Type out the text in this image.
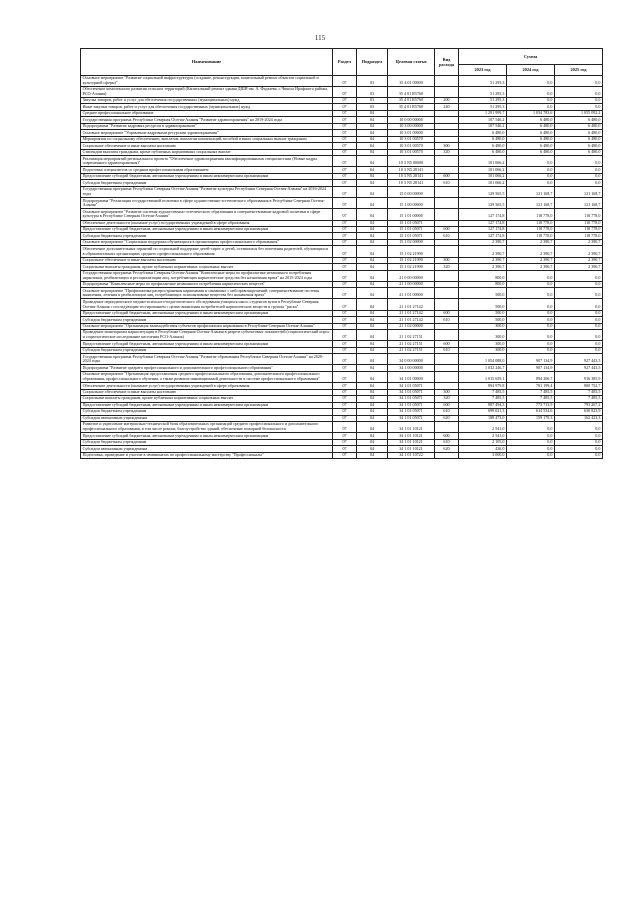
115
Наименование	Раздел	Подраздел	Целевая статья	Вид расхода	Сумма		
					2023 год	2024 год	2025 год
Основное мероприятие "Развитие социальной инфраструктуры (создание, реконструкция, капитальный ремонт объектов социальной и культурной сферы)"	07	03	35 4 01 00000		51 295,3	0,0	0,0
Обеспечение комплексного развития сельских территорий (Капитальный ремонт здания ДШИ им. А. Фадзаева, с.Чикола Ирафского района, РСО-Алания)	07	03	35 4 01 R5760		51 295,3	0,0	0,0
Закупка товаров, работ и услуг для обеспечения государственных (муниципальных) нужд	07	03	35 4 01 R5760	200	51 295,3	0,0	0,0
Иные закупки товаров, работ и услуг для обеспечения государственных (муниципальных) нужд	07	03	35 4 01 R5760	240	51 295,3	0,0	0,0
Среднее профессиональное образование	07	04			1 291 999,7	1 034 783,6	1 055 092,2
Государственная программа Республики Северная Осетия-Алания "Развитие здравоохранения" на 2019-2024 годы	07	04	10 0 00 00000		107 546,2	6 480,0	6 480,0
Подпрограмма "Развитие кадровых ресурсов в здравоохранении"	07	04	10 3 00 00000		107 546,2	6 480,0	6 480,0
Основное мероприятие "Управление кадровыми ресурсами здравоохранения"	07	04	10 3 01 00000		6 480,0	6 480,0	6 480,0
Мероприятия по социальному обеспечению, выплатам, выплатам компенсаций, пособий и иных социальных выплат гражданам	07	04	10 3 01 00570		6 480,0	6 480,0	6 480,0
Социальное обеспечение и иные выплаты населению	07	04	10 3 01 00570	300	6 480,0	6 480,0	6 480,0
Стипендии выплаты гражданам, кроме публичных нормативных социальных выплат	07	04	10 3 01 00570	320	6 480,0	6 480,0	6 480,0
Реализация мероприятий регионального проекта "Обеспечение здравоохранения квалифицированными специалистами (Новые кадры современного здравоохранения)"	07	04	10 3 N5 00000		101 066,2	0,0	0,0
Подготовка специалистов со средним профессиональным образованием	07	04	10 3 N5 28141		101 066,2	0,0	0,0
Предоставление субсидий бюджетным, автономным учреждениям и иным некоммерческим организациям	07	04	10 3 N5 28141	600	101 066,2	0,0	0,0
Субсидии бюджетным учреждениям	07	04	10 3 N5 28141	610	101 066,2	0,0	0,0
Государственная программа Республики Северная Осетия-Алания "Развитие культуры Республики Северная Осетия-Алания" на 2016-2024 годы	07	04	15 0 00 00000		129 565,5	121 168,7	121 168,7
Подпрограмма "Реализация государственной политики в сфере художественно-эстетического образования в Республике Северная Осетия-Алания"	07	04	15 1 00 00000		129 565,5	121 168,7	121 168,7
Основное мероприятие "Развитие системы художественно-эстетического образования и совершенствование кадровой политики в сфере культуры в Республике Северная Осетия-Алания"	07	04	15 1 01 00000		127 174,8	118 778,0	118 778,0
Обеспечение деятельности (оказание услуг) государственных учреждений в сфере образования	07	04	15 1 01 05071		127 174,8	118 778,0	118 778,0
Предоставление субсидий бюджетным, автономным учреждениям и иным некоммерческим организациям	07	04	15 1 01 05071	600	127 174,8	118 778,0	118 778,0
Субсидии бюджетным учреждениям	07	04	15 1 01 05071	610	127 174,8	118 778,0	118 778,0
Основное мероприятие "Социальная поддержка обучающихся в организациях профессионального образования"	07	04	15 1 02 00000		2 390,7	2 390,7	2 390,7
Обеспечение дополнительных гарантий по социальной поддержке детей-сирот и детей, оставшихся без попечения родителей, обучающихся в образовательных организациях среднего профессионального образования	07	04	15 1 02 21990		2 390,7	2 390,7	2 390,7
Социальное обеспечение и иные выплаты населению	07	04	15 1 02 21990	300	2 390,7	2 390,7	2 390,7
Социальные выплаты гражданам, кроме публичных нормативных социальных выплат	07	04	15 1 02 21990	320	2 390,7	2 390,7	2 390,7
Государственная программа Республики Северная Осетия-Алания "Комплексные меры по профилактике незаконного потребления наркотиков, реабилитации и ресоциализации лиц, потребляющих наркотические средства без назначения врача" на 2015-2024 годы	07	04	21 0 00 00000		800,0	0,0	0,0
Подпрограмма "Комплексные меры по профилактике незаконного потребления наркотических веществ"	07	04	21 1 00 00000		800,0	0,0	0,0
Основное мероприятие "Профилактика распространения наркомании и связанных с ней правонарушений, совершенствование системы выявления, лечения и реабилитации лиц, потребляющих психоактивные вещества без назначения врача"	07	04	21 1 01 00000		500,0	0,0	0,0
Проведение периодического медико-психолого-педагогического обследования учащихся школ, студентов вузов в Республике Северная Осетия-Алания с последующим тестированием с целью выявления потребителей наркотических веществ и группы "риска"	07	04	21 1 01 27142		500,0	0,0	0,0
Предоставление субсидий бюджетным, автономным учреждениям и иным некоммерческим организациям	07	04	21 1 01 27142	600	500,0	0,0	0,0
Субсидии бюджетным учреждениям	07	04	21 1 01 27142	610	500,0	0,0	0,0
Основное мероприятие "Организация взаимодействия субъектов профилактики наркомании в Республике Северная Осетия-Алания"	07	04	21 1 02 00000		300,0	0,0	0,0
Проведение мониторинга наркоситуации в Республике Северная Осетия-Алания в разрезе субъектовых показателей (социологический опрос и социологическое исследование населения РСО-Алания)	07	04	21 1 02 27151		300,0	0,0	0,0
Предоставление субсидий бюджетным, автономным учреждениям и иным некоммерческим организациям	07	04	21 1 02 27151	600	300,0	0,0	0,0
Субсидии бюджетным учреждениям	07	04	21 1 02 27151	610	300,0	0,0	0,0
Государственная программа Республики Северная Осетия-Алания "Развитие образования Республики Северная Осетия-Алания" на 2020-2024 годы	07	04	34 0 00 00000		1 054 088,0	907 134,9	927 443,5
Подпрограмма "Развитие среднего профессионального и дополнительного профессионального образования"	07	04	34 1 00 00000		1 032 246,7	907 134,9	927 443,5
Основное мероприятие "Организация предоставления среднего профессионального образования, дополнительного профессионального образования, профессионального обучения, а также развитие инновационной деятельности в системе профессионального образования"	07	04	34 1 01 00000		1 015 659,1	894 206,7	916 385,9
Обеспечение деятельности (оказание услуг) государственных учреждений в сфере образования	07	04	34 1 01 05071		894 979,8	781 199,4	800 752,7
Социальное обеспечение и иные выплаты населению	07	04	34 1 01 05071	300	7 485,5	7 485,5	7 485,5
Социальные выплаты гражданам, кроме публичных нормативных социальных выплат	07	04	34 1 01 05071	320	7 485,5	7 485,5	7 485,5
Предоставление субсидий бюджетным, автономным учреждениям и иным некоммерческим организациям	07	04	34 1 01 05071	600	887 494,3	773 713,9	793 267,2
Субсидии бюджетным учреждениям	07	04	34 1 01 05071	610	699 021,3	614 534,6	630 823,9
Субсидии автономным учреждениям	07	04	34 1 01 05071	620	188 473,0	159 179,3	162 423,3
Развитие и укрепление материально-технической базы образовательных организаций среднего профессионального и дополнительного профессионального образования, в том числе ремонт, благоустройство зданий, обеспечение пожарной безопасности	07	04	34 1 01 10121		2 541,0	0,0	0,0
Предоставление субсидий бюджетным, автономным учреждениям и иным некоммерческим организациям	07	04	34 1 01 10121	600	2 541,0	0,0	0,0
Субсидии бюджетным учреждениям	07	04	34 1 01 10121	610	2 105,0	0,0	0,0
Субсидии автономным учреждениям	07	04	34 1 01 10121	620	436,0	0,0	0,0
Подготовка, проведение и участие в чемпионатах по профессиональному мастерству "Профессионалы"	07	04	34 1 01 10722		3 000,0	0,0	0,0
